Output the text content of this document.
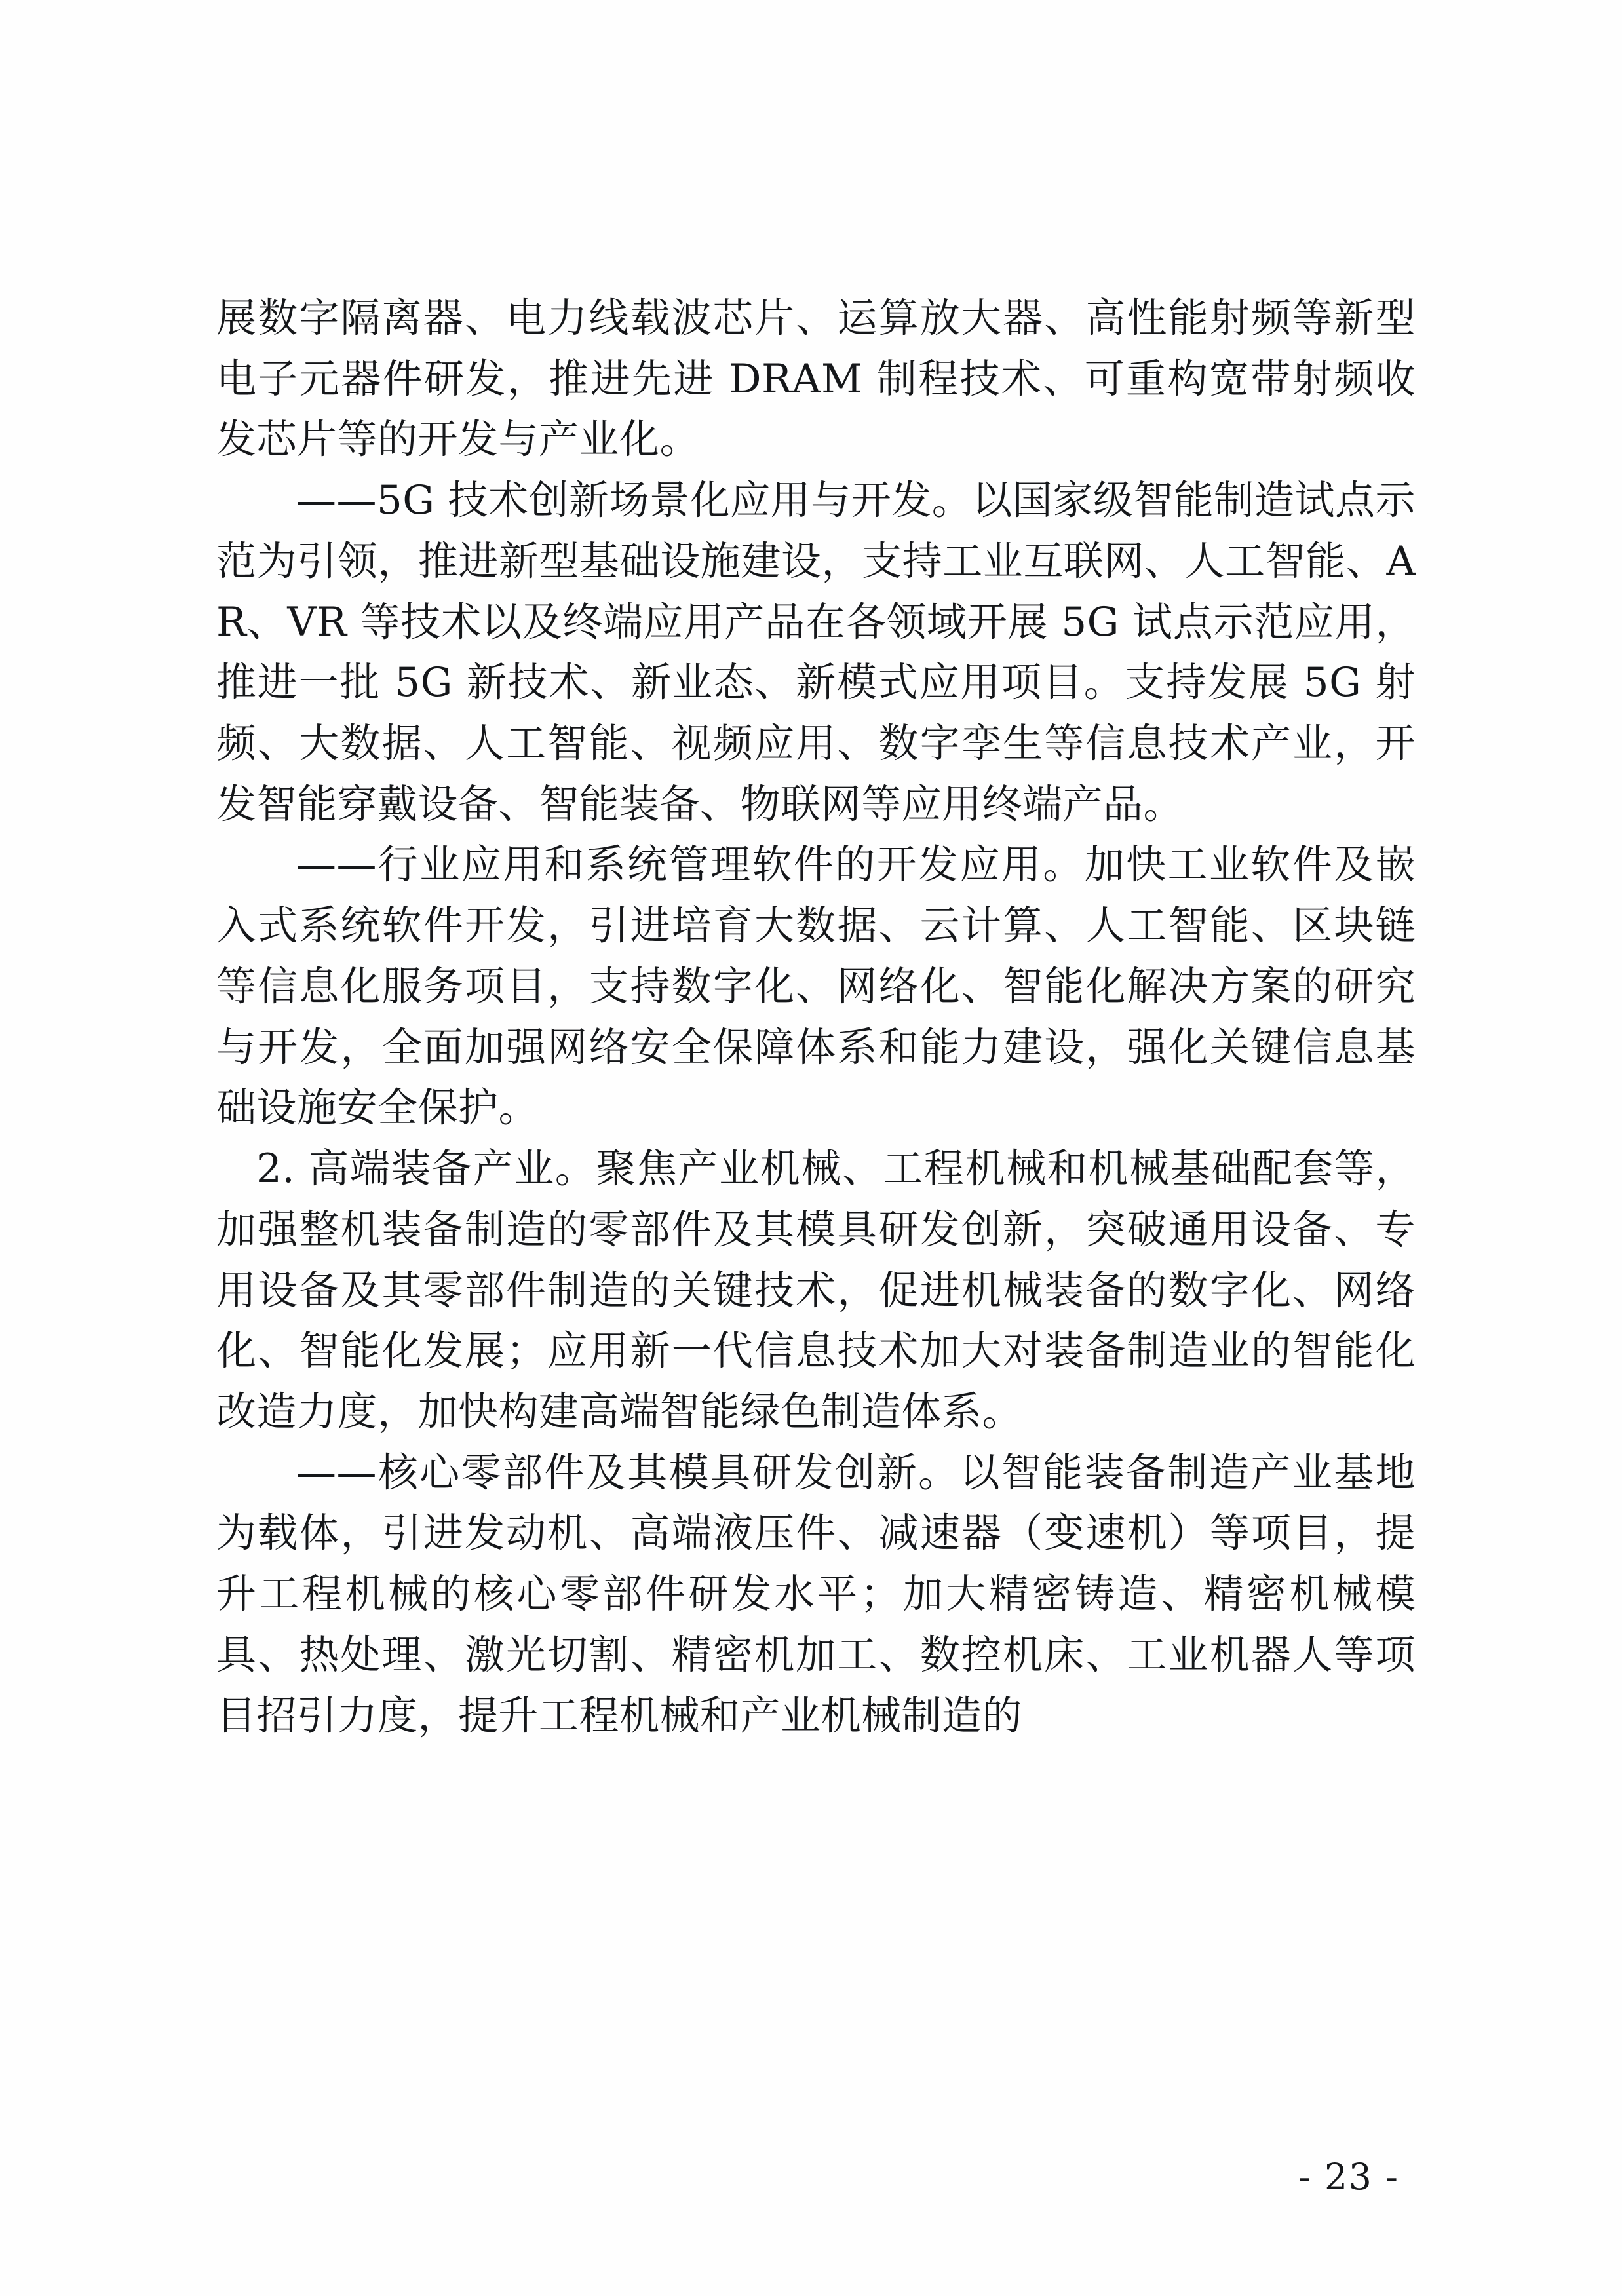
展数字隔离器、电力线载波芯片、运算放大器、高性能射频等新型电子元器件研发，推进先进 DRAM 制程技术、可重构宽带射频收发芯片等的开发与产业化。

——5G 技术创新场景化应用与开发。以国家级智能制造试点示范为引领，推进新型基础设施建设，支持工业互联网、人工智能、AR、VR 等技术以及终端应用产品在各领域开展 5G 试点示范应用，推进一批 5G 新技术、新业态、新模式应用项目。支持发展 5G 射频、大数据、人工智能、视频应用、数字孪生等信息技术产业，开发智能穿戴设备、智能装备、物联网等应用终端产品。

——行业应用和系统管理软件的开发应用。加快工业软件及嵌入式系统软件开发，引进培育大数据、云计算、人工智能、区块链等信息化服务项目，支持数字化、网络化、智能化解决方案的研究与开发，全面加强网络安全保障体系和能力建设，强化关键信息基础设施安全保护。

2. 高端装备产业。聚焦产业机械、工程机械和机械基础配套等，加强整机装备制造的零部件及其模具研发创新，突破通用设备、专用设备及其零部件制造的关键技术，促进机械装备的数字化、网络化、智能化发展；应用新一代信息技术加大对装备制造业的智能化改造力度，加快构建高端智能绿色制造体系。

——核心零部件及其模具研发创新。以智能装备制造产业基地为载体，引进发动机、高端液压件、减速器（变速机）等项目，提升工程机械的核心零部件研发水平；加大精密铸造、精密机械模具、热处理、激光切割、精密机加工、数控机床、工业机器人等项目招引力度，提升工程机械和产业机械制造的

- 23 -
